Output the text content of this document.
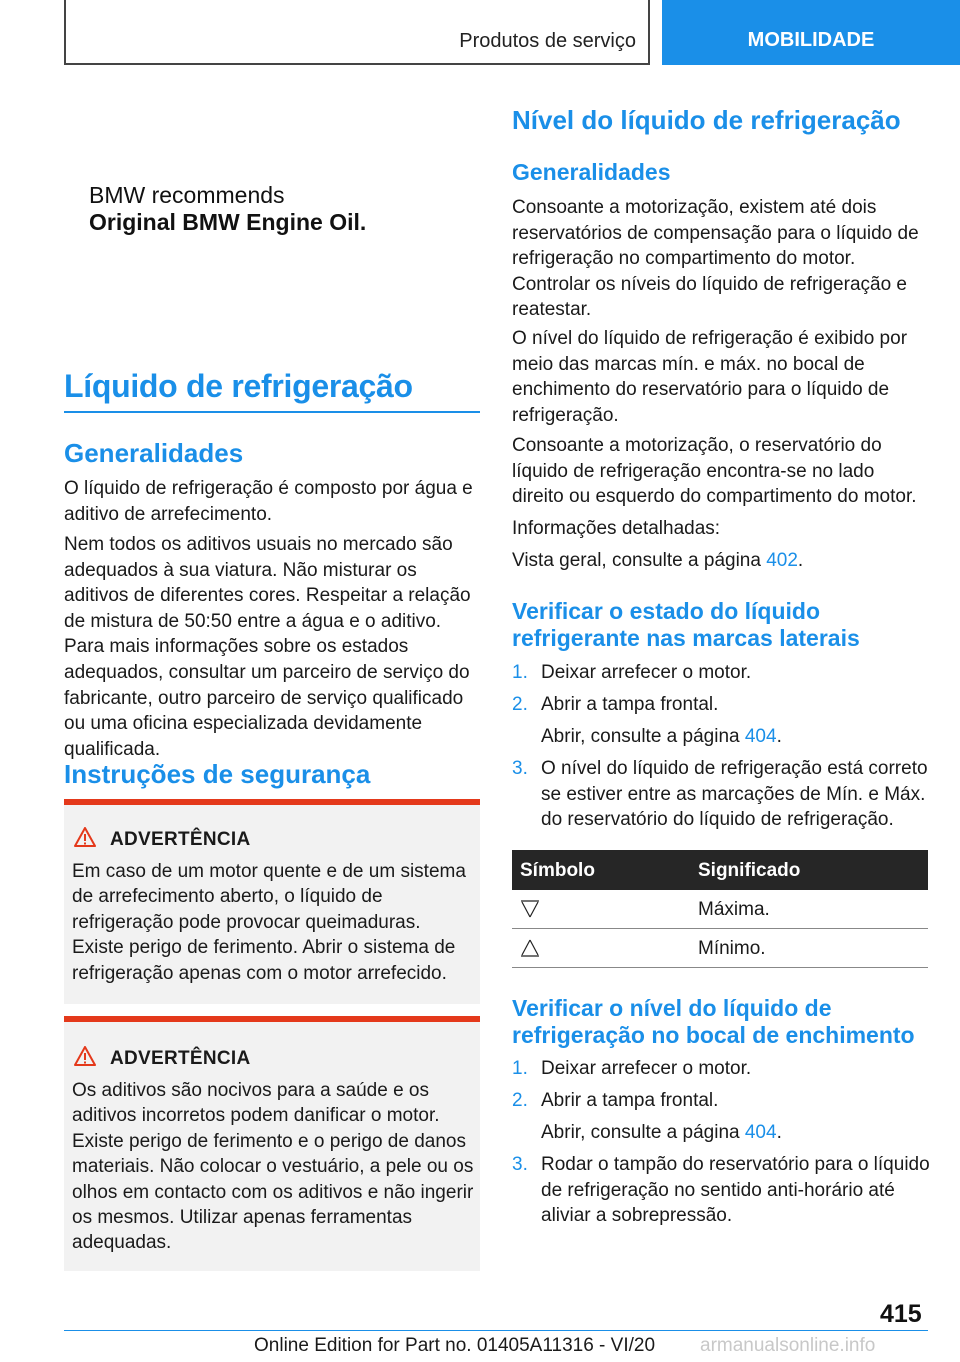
Produtos de serviço	MOBILIDADE
BMW recommends
Original BMW Engine Oil.
Líquido de refrigeração
Generalidades
O líquido de refrigeração é composto por água e aditivo de arrefecimento.
Nem todos os aditivos usuais no mercado são adequados à sua viatura. Não misturar os aditivos de diferentes cores. Respeitar a relação de mistura de 50:50 entre a água e o aditivo. Para mais informações sobre os estados adequados, consultar um parceiro de serviço do fabricante, outro parceiro de serviço qualificado ou uma oficina especializada devidamente qualificada.
Instruções de segurança
ADVERTÊNCIA
Em caso de um motor quente e de um sistema de arrefecimento aberto, o líquido de refrigeração pode provocar queimaduras. Existe perigo de ferimento. Abrir o sistema de refrigeração apenas com o motor arrefecido.
ADVERTÊNCIA
Os aditivos são nocivos para a saúde e os aditivos incorretos podem danificar o motor. Existe perigo de ferimento e o perigo de danos materiais. Não colocar o vestuário, a pele ou os olhos em contacto com os aditivos e não ingerir os mesmos. Utilizar apenas ferramentas adequadas.
Nível do líquido de refrigeração
Generalidades
Consoante a motorização, existem até dois reservatórios de compensação para o líquido de refrigeração no compartimento do motor. Controlar os níveis do líquido de refrigeração e reatestar.
O nível do líquido de refrigeração é exibido por meio das marcas mín. e máx. no bocal de enchimento do reservatório para o líquido de refrigeração.
Consoante a motorização, o reservatório do líquido de refrigeração encontra-se no lado direito ou esquerdo do compartimento do motor.
Informações detalhadas:
Vista geral, consulte a página 402.
Verificar o estado do líquido refrigerante nas marcas laterais
1. Deixar arrefecer o motor.
2. Abrir a tampa frontal.
Abrir, consulte a página 404.
3. O nível do líquido de refrigeração está correto se estiver entre as marcações de Mín. e Máx. do reservatório do líquido de refrigeração.
Símbolo	Significado
Máxima.
Mínimo.
Verificar o nível do líquido de refrigeração no bocal de enchimento
1. Deixar arrefecer o motor.
2. Abrir a tampa frontal.
Abrir, consulte a página 404.
3. Rodar o tampão do reservatório para o líquido de refrigeração no sentido anti-horário até aliviar a sobrepressão.
415
Online Edition for Part no. 01405A11316 - VI/20 armanualsonline.info
